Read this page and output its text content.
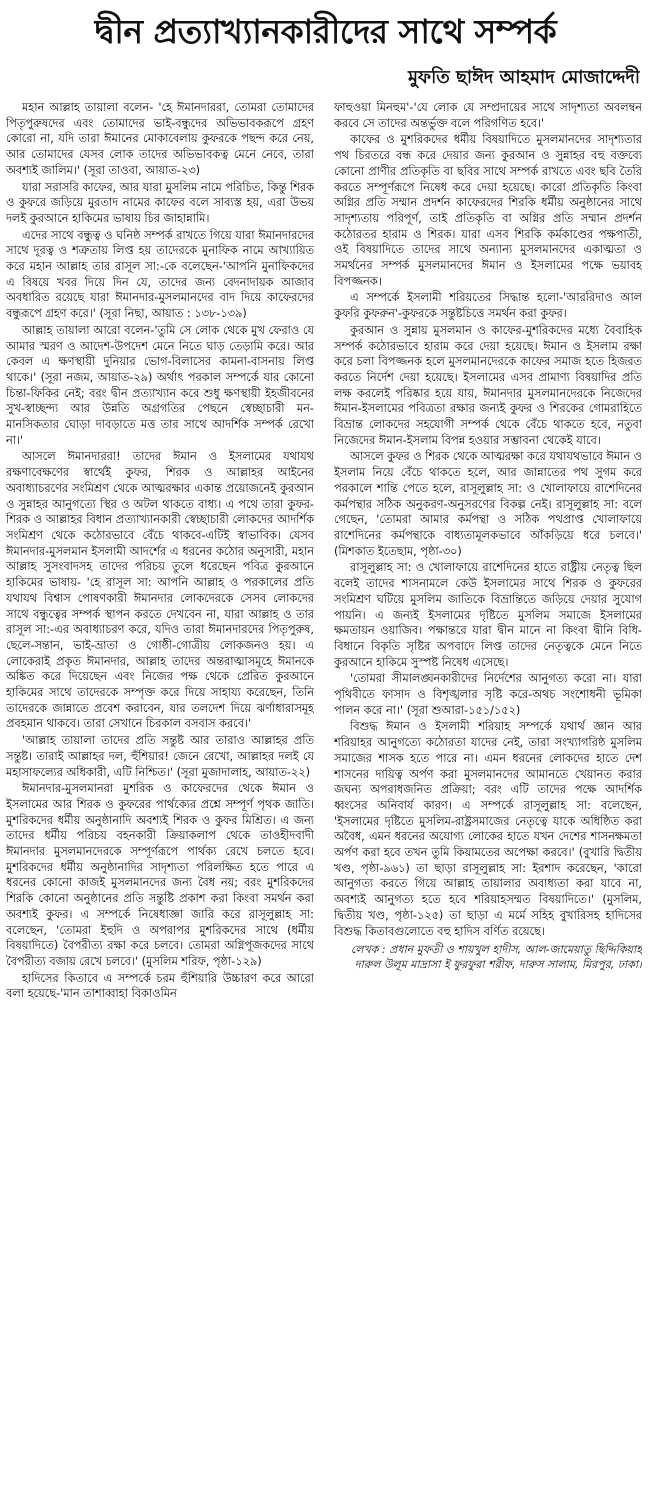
দ্বীন প্রত্যাখ্যানকারীদের সাথে সম্পর্ক
মুফতি ছাঈদ আহমাদ মোজাদ্দেদী

মহান আল্লাহ তায়ালা বলেন- 'হে ঈমানদাররা, তোমরা তোমাদের পিতৃপুরুষদের এবং তোমাদের ভাই-বন্ধুদের অভিভাবকরূপে গ্রহণ কোরো না, যদি তারা ঈমানের মোকাবেলায় কুফরকে পছন্দ করে নেয়, আর তোমাদের যেসব লোক তাদের অভিভাবকত্ব মেনে নেবে, তারা অবশ্যই জালিম।' (সূরা তাওবা, আয়াত-২৩)

যারা সরাসরি কাফের, আর যারা মুসলিম নামে পরিচিত, কিন্তু শিরক ও কুফরে জড়িয়ে মুরতাদ নামের কাফের বলে সাব্যস্ত হয়, এরা উভয় দলই কুরআনে হাকিমের ভাষায় চির জাহান্নামি।

এদের সাথে বন্ধুত্ব ও ঘনিষ্ঠ সম্পর্ক রাখতে গিয়ে যারা ঈমানদারদের সাথে দূরত্ব ও শত্রুতায় লিপ্ত হয় তাদেরকে মুনাফিক নামে আখ্যায়িত করে মহান আল্লাহ তার রাসূল সা:-কে বলেছেন-'আপনি মুনাফিকদের এ বিষয়ে খবর দিয়ে দিন যে, তাদের জন্য বেদনাদায়ক আজাব অবধারিত রয়েছে যারা ঈমানদার-মুসলমানদের বাদ দিয়ে কাফেরদের বন্ধুরূপে গ্রহণ করে।' (সূরা নিছা, আয়াত : ১৩৮-১৩৯)

আল্লাহ তায়ালা আরো বলেন-'তুমি সে লোক থেকে মুখ ফেরাও যে আমার স্মরণ ও আদেশ-উপদেশ মেনে নিতে ঘাড় তেড়ামি করে। আর কেবল এ ক্ষণস্থায়ী দুনিয়ার ভোগ-বিলাসের কামনা-বাসনায় লিপ্ত থাকে।' (সূরা নজম, আয়াত-২৯) অর্থাৎ পরকাল সম্পর্কে যার কোনো চিন্তা-ফিকির নেই; বরং দ্বীন প্রত্যাখ্যান করে শুধু ক্ষণস্থায়ী ইহজীবনের সুখ-স্বাচ্ছন্দ্য আর উন্নতি অগ্রগতির পেছনে স্বেচ্ছাচারী মন-মানসিকতার ঘোড়া দাবড়াতে মত্ত তার সাথে আদর্শিক সম্পর্ক রেখো না।'

আসলে ঈমানদাররা! তাদের ঈমান ও ইসলামের যথাযথ রক্ষণাবেক্ষণের স্বার্থেই কুফর, শিরক ও আল্লাহর আইনের অবাধ্যাচরণের সংমিশ্রণ থেকে আত্মরক্ষার একান্ত প্রয়োজনেই কুরআন ও সুন্নাহর আনুগত্যে স্থির ও অটল থাকতে বাধ্য। এ পথে তারা কুফর-শিরক ও আল্লাহর বিধান প্রত্যাখ্যানকারী স্বেচ্ছাচারী লোকদের আদর্শিক সংমিশ্রণ থেকে কঠোরভাবে বেঁচে থাকবে-এটিই স্বাভাবিক। যেসব ঈমানদার-মুসলমান ইসলামী আদর্শের এ ধরনের কঠোর অনুসারী, মহান আল্লাহ সুসংবাদসহ তাদের পরিচয় তুলে ধরেছেন পবিত্র কুরআনে হাকিমের ভাষায়- 'হে রাসূল সা: আপনি আল্লাহ ও পরকালের প্রতি যথাযথ বিশ্বাস পোষণকারী ঈমানদার লোকদেরকে সেসব লোকদের সাথে বন্ধুত্বের সম্পর্ক স্থাপন করতে দেখবেন না, যারা আল্লাহ ও তার রাসূল সা:-এর অবাধ্যাচরণ করে, যদিও তারা ঈমানদারদের পিতৃপুরুষ, ছেলে-সন্তান, ভাই-ভ্রাতা ও গোষ্ঠী-গোত্রীয় লোকজনও হয়। এ লোকেরাই প্রকৃত ঈমানদার, আল্লাহ তাদের অন্তরাত্মাসমূহে ঈমানকে অঙ্কিত করে দিয়েছেন এবং নিজের পক্ষ থেকে প্রেরিত কুরআনে হাকিমের সাথে তাদেরকে সম্পৃক্ত করে দিয়ে সাহায্য করেছেন, তিনি তাদেরকে জান্নাতে প্রবেশ করাবেন, যার তলদেশ দিয়ে ঝর্ণাধারাসমূহ প্রবহমান থাকবে। তারা সেখানে চিরকাল বসবাস করবে।'

'আল্লাহ তায়ালা তাদের প্রতি সন্তুষ্ট আর তারাও আল্লাহর প্রতি সন্তুষ্ট। তারাই আল্লাহর দল, হুঁশিয়ার! জেনে রেখো, আল্লাহর দলই যে মহাসাফল্যের অধিকারী, এটি নিশ্চিত।' (সূরা মুজাদালাহ, আয়াত-২২)

ঈমানদার-মুসলমানরা মুশরিক ও কাফেরদের থেকে ঈমান ও ইসলামের আর শিরক ও কুফরের পার্থক্যের প্রশ্নে সম্পূর্ণ পৃথক জাতি। মুশরিকদের ধর্মীয় অনুষ্ঠানাদি অবশ্যই শিরক ও কুফর মিশ্রিত। এ জন্য তাদের ধর্মীয় পরিচয় বহনকারী ক্রিয়াকলাপ থেকে তাওহীদবাদী ঈমানদার মুসলমানদেরকে সম্পূর্ণরূপে পার্থক্য রেখে চলতে হবে। মুশরিকদের ধর্মীয় অনুষ্ঠানাদির সাদৃশ্যতা পরিলক্ষিত হতে পারে এ ধরনের কোনো কাজই মুসলমানদের জন্য বৈধ নয়; বরং মুশরিকদের শিরকি কোনো অনুষ্ঠানের প্রতি সন্তুষ্টি প্রকাশ করা কিংবা সমর্থন করা অবশ্যই কুফর। এ সম্পর্কে নিষেধাজ্ঞা জারি করে রাসূলুল্লাহ সা: বলেছেন, 'তোমরা ইহুদি ও অপরাপর মুশরিকদের সাথে (ধর্মীয় বিষয়াদিতে) বৈপরীত্য রক্ষা করে চলবে। তোমরা অগ্নিপূজকদের সাথে বৈপরীত্য বজায় রেখে চলবে।' (মুসলিম শরিফ, পৃষ্ঠা-১২৯)

হাদিসের কিতাবে এ সম্পর্কে চরম হুঁশিয়ারি উচ্চারণ করে আরো বলা হয়েছে-'মান তাশাব্বাহা বিকাওমিন

ফাহুওয়া মিনহুম'-'যে লোক যে সম্প্রদায়ের সাথে সাদৃশ্যতা অবলম্বন করবে সে তাদের অন্তর্ভুক্ত বলে পরিগণিত হবে।'

কাফের ও মুশরিকদের ধর্মীয় বিষয়াদিতে মুসলমানদের সাদৃশ্যতার পথ চিরতরে বন্ধ করে দেয়ার জন্য কুরআন ও সুন্নাহর বহু বক্তব্যে কোনো প্রাণীর প্রতিকৃতি বা ছবির সাথে সম্পর্ক রাখতে এবং ছবি তৈরি করতে সম্পূর্ণরূপে নিষেধ করে দেয়া হয়েছে। কারো প্রতিকৃতি কিংবা অগ্নির প্রতি সম্মান প্রদর্শন কাফেরদের শিরকি ধর্মীয় অনুষ্ঠানের সাথে সাদৃশ্যতায় পরিপূর্ণ, তাই প্রতিকৃতি বা অগ্নির প্রতি সম্মান প্রদর্শন কঠোরতর হারাম ও শিরক। যারা এসব শিরকি কর্মকাণ্ডের পক্ষপাতী, ওই বিষয়াদিতে তাদের সাথে অন্যান্য মুসলমানদের একাত্মতা ও সমর্থনের সম্পর্ক মুসলমানদের ঈমান ও ইসলামের পক্ষে ভয়াবহ বিপজ্জনক।

এ সম্পর্কে ইসলামী শরিয়তের সিদ্ধান্ত হলো-'আররিদাও আল কুফরি কুফরুন'-কুফরকে সন্তুষ্টচিত্তে সমর্থন করা কুফর।

কুরআন ও সুন্নায় মুসলমান ও কাফের-মুশরিকদের মধ্যে বৈবাহিক সম্পর্ক কঠোরভাবে হারাম করে দেয়া হয়েছে। ঈমান ও ইসলাম রক্ষা করে চলা বিপজ্জনক হলে মুসলমানদেরকে কাফের সমাজ হতে হিজরত করতে নির্দেশ দেয়া হয়েছে। ইসলামের এসব প্রামাণ্য বিষয়াদির প্রতি লক্ষ করলেই পরিষ্কার হয়ে যায়, ঈমানদার মুসলমানদেরকে নিজেদের ঈমান-ইসলামের পবিত্রতা রক্ষার জন্যই কুফর ও শিরকের গোমরাহিতে বিভ্রান্ত লোকদের সহযোগী সম্পর্ক থেকে বেঁচে থাকতে হবে, নতুবা নিজেদের ঈমান-ইসলাম বিপন্ন হওয়ার সম্ভাবনা থেকেই যাবে।

আসলে কুফর ও শিরক থেকে আত্মরক্ষা করে যথাযথভাবে ঈমান ও ইসলাম নিয়ে বেঁচে থাকতে হলে, আর জান্নাতের পথ সুগম করে পরকালে শান্তি পেতে হলে, রাসূলুল্লাহ সা: ও খোলাফায়ে রাশেদিনের কর্মপন্থার সঠিক অনুকরণ-অনুসরণের বিকল্প নেই। রাসূলুল্লাহ সা: বলে গেছেন, 'তোমরা আমার কর্মপন্থা ও সঠিক পথপ্রাপ্ত খোলাফায়ে রাশেদিনের কর্মপন্থাকে বাধ্যতামূলকভাবে আঁকড়িয়ে ধরে চলবে।' (মিশকাত ইতেছাম, পৃষ্ঠা-৩০)

রাসূলুল্লাহ সা: ও খোলাফায়ে রাশেদিনের হাতে রাষ্ট্রীয় নেতৃত্ব ছিল বলেই তাদের শাসনামলে কেউ ইসলামের সাথে শিরক ও কুফরের সংমিশ্রণ ঘটিয়ে মুসলিম জাতিকে বিভ্রান্তিতে জড়িয়ে দেয়ার সুযোগ পায়নি। এ জন্যই ইসলামের দৃষ্টিতে মুসলিম সমাজে ইসলামের ক্ষমতায়ন ওয়াজিব। পক্ষান্তরে যারা দ্বীন মানে না কিংবা দ্বীনি বিধি-বিধানে বিকৃতি সৃষ্টির অপবাদে লিপ্ত তাদের নেতৃত্বকে মেনে নিতে কুরআনে হাকিমে সুস্পষ্ট নিষেধ এসেছে।

'তোমরা সীমালঙ্ঘনকারীদের নির্দেশের আনুগত্য করো না। যারা পৃথিবীতে ফাসাদ ও বিশৃঙ্খলার সৃষ্টি করে-অথচ সংশোধনী ভূমিকা পালন করে না।' (সূরা শুআরা-১৫১/১৫২)

বিশুদ্ধ ঈমান ও ইসলামী শরিয়াহ সম্পর্কে যথার্থ জ্ঞান আর শরিয়াহর আনুগত্যে কঠোরতা যাদের নেই, তারা সংখ্যাগরিষ্ঠ মুসলিম সমাজের শাসক হতে পারে না। এমন ধরনের লোকদের হাতে দেশ শাসনের দায়িত্ব অর্পণ করা মুসলমানদের আমানতে খেয়ানত করার জঘন্য অপরাধজনিত প্রক্রিয়া; বরং এটি তাদের পক্ষে আদর্শিক ধ্বংসের অনিবার্য কারণ। এ সম্পর্কে রাসূলুল্লাহ সা: বলেছেন, 'ইসলামের দৃষ্টিতে মুসলিম-রাষ্ট্রসমাজের নেতৃত্বে যাকে অধিষ্ঠিত করা অবৈধ, এমন ধরনের অযোগ্য লোকের হাতে যখন দেশের শাসনক্ষমতা অর্পণ করা হবে তখন তুমি কিয়ামতের অপেক্ষা করবে।' (বুখারি দ্বিতীয় খণ্ড, পৃষ্ঠা-৯৬১) তা ছাড়া রাসূলুল্লাহ সা: ইরশাদ করেছেন, 'কারো আনুগত্য করতে গিয়ে আল্লাহ তায়ালার অবাধ্যতা করা যাবে না, অবশ্যই আনুগত্য হতে হবে শরিয়াহসম্মত বিষয়াদিতে।' (মুসলিম, দ্বিতীয় খণ্ড, পৃষ্ঠা-১২৫) তা ছাড়া এ মর্মে সহিহ বুখারিসহ হাদিসের বিশুদ্ধ কিতাবগুলোতে বহু হাদিস বর্ণিত রয়েছে।

লেখক : প্রধান মুফতী ও শায়খুল হাদীস, আল-জামেয়াতু ছিদ্দিকিয়াহ দারুল উলূম মাদ্রাসা ই ফুরফুরা শরীফ, দারুস সালাম, মিরপুর, ঢাকা।
